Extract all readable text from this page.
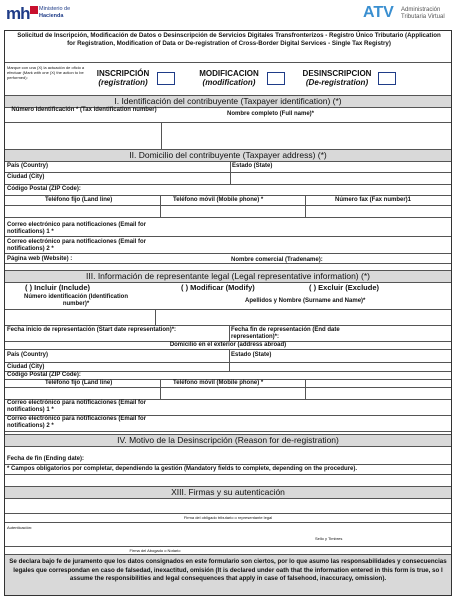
mh Ministerio de
Hacienda	ATV Administración
Tributaria Virtual
Solicitud de Inscripción, Modificación de Datos o Desinscripción de Servicios Digitales Transfronterizos - Registro Único Tributario (Application for Registration, Modification of Data or De-registration of Cross-Border Digital Services - Single Tax Registry)
Marque con una (X) la actuación de oficio a efectuar (Mark with one (X) the action to be performed):	INSCRIPCIÓN
(registration)
MODIFICACION
(modification)
DESINSCRIPCION
(De-registration)
I. Identificación del contribuyente (Taxpayer identification) (*)
Número Identificación * (Tax identification number)
Nombre completo (Full name)*
II. Domicilio del contribuyente (Taxpayer address) (*)
País (Country)	Estado (State)
Ciudad (City)
Código Postal (ZIP Code):
Teléfono fijo (Land line)	Teléfono móvil (Mobile phone) *	Número fax (Fax number)1
Correo electrónico para notificaciones (Email for notifications) 1 *
Correo electrónico para notificaciones (Email for notifications) 2 *
Página web (Website) :	Nombre comercial (Tradename):
III. Información de representante legal (Legal representative information) (*)
( ) Incluir (Include)	( ) Modificar (Modify)	( ) Excluir (Exclude)
Número identificación (Identification number)*	Apellidos y Nombre (Surname and Name)*
Fecha inicio de representación (Start date representation)*:	Fecha fin de representación (End date representation)*:
Domicilio en el exterior (address abroad)
País (Country)	Estado (State)
Ciudad (City)
Código Postal (ZIP Code):
Teléfono fijo (Land line)	Teléfono móvil (Mobile phone) *
Correo electrónico para notificaciones (Email for notifications) 1 *
Correo electrónico para notificaciones (Email for notifications) 2 *
IV. Motivo de la Desinscripción (Reason for de-registration)
Fecha de fin (Ending date):
* Campos obligatorios por completar, dependiendo la gestión (Mandatory fields to complete, depending on the procedure).
XIII. Firmas y su autenticación
Firma del obligado tributario o representante legal
Autenticación:
Sello y Timbres
Firma del Abogado o Notario
Se declara bajo fe de juramento que los datos consignados en este formulario son ciertos, por lo que asumo las responsabilidades y consecuencias legales que correspondan en caso de falsedad, inexactitud, omisión (It is declared under oath that the information entered in this form is true, so I assume the responsibilities and legal consequences that apply in case of falsehood, inaccuracy, omission).
